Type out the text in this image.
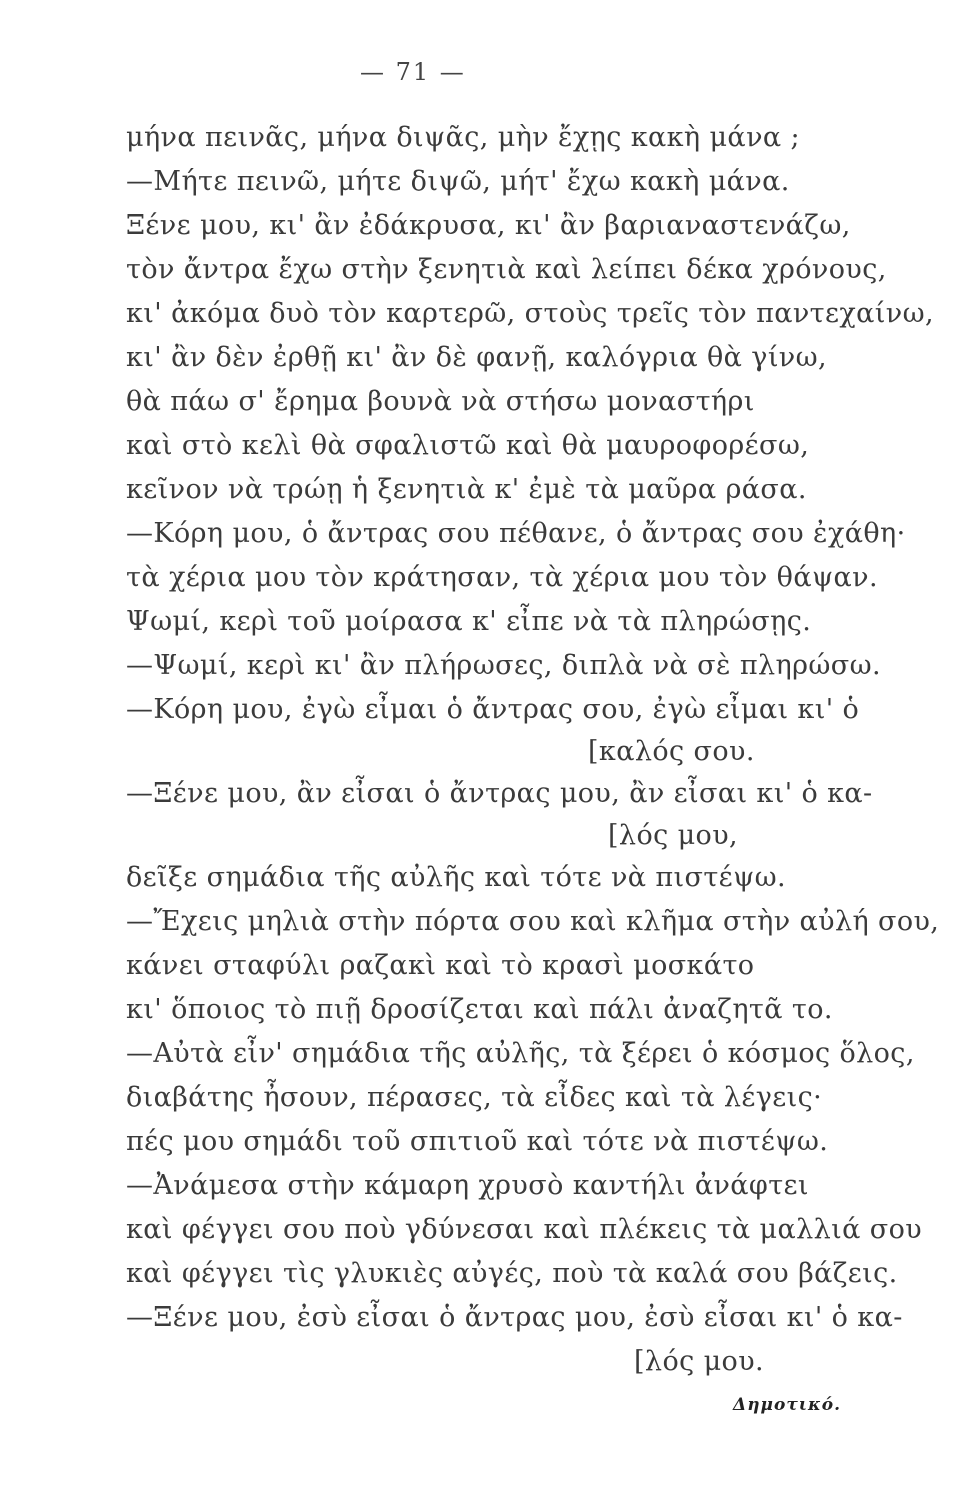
— 71 —
μήνα πεινᾶς, μήνα διψᾶς, μὴν ἔχῃς κακὴ μάνα ;
—Μήτε πεινῶ, μήτε διψῶ, μήτ' ἔχω κακὴ μάνα.
Ξένε μου, κι' ἂν ἐδάκρυσα, κι' ἂν βαριαναστενάζω,
τὸν ἄντρα ἔχω στὴν ξενητιὰ καὶ λείπει δέκα χρόνους,
κι' ἀκόμα δυὸ τὸν καρτερῶ, στοὺς τρεῖς τὸν παντεχαίνω,
κι' ἂν δὲν ἐρθῇ κι' ἂν δὲ φανῇ, καλόγρια θὰ γίνω,
θὰ πάω σ' ἔρημα βουνὰ νὰ στήσω μοναστήρι
καὶ στὸ κελὶ θὰ σφαλιστῶ καὶ θὰ μαυροφορέσω,
κεῖνον νὰ τρώῃ ἡ ξενητιὰ κ' ἐμὲ τὰ μαῦρα ράσα.
—Κόρη μου, ὁ ἄντρας σου πέθανε, ὁ ἄντρας σου ἐχάθη·
τὰ χέρια μου τὸν κράτησαν, τὰ χέρια μου τὸν θάψαν.
Ψωμί, κερὶ τοῦ μοίρασα κ' εἶπε νὰ τὰ πληρώσῃς.
—Ψωμί, κερὶ κι' ἂν πλήρωσες, διπλὰ νὰ σὲ πληρώσω.
—Κόρη μου, ἐγὼ εἶμαι ὁ ἄντρας σου, ἐγὼ εἶμαι κι' ὁ
[καλός σου.
—Ξένε μου, ἂν εἶσαι ὁ ἄντρας μου, ἂν εἶσαι κι' ὁ κα-
[λός μου,
δεῖξε σημάδια τῆς αὐλῆς καὶ τότε νὰ πιστέψω.
—Ἔχεις μηλιὰ στὴν πόρτα σου καὶ κλῆμα στὴν αὐλή σου,
κάνει σταφύλι ραζακὶ καὶ τὸ κρασὶ μοσκάτο
κι' ὅποιος τὸ πιῇ δροσίζεται καὶ πάλι ἀναζητᾶ το.
—Αὐτὰ εἶν' σημάδια τῆς αὐλῆς, τὰ ξέρει ὁ κόσμος ὅλος,
διαβάτης ἦσουν, πέρασες, τὰ εἶδες καὶ τὰ λέγεις·
πές μου σημάδι τοῦ σπιτιοῦ καὶ τότε νὰ πιστέψω.
—Ἀνάμεσα στὴν κάμαρη χρυσὸ καντήλι ἀνάφτει
καὶ φέγγει σου ποὺ γδύνεσαι καὶ πλέκεις τὰ μαλλιά σου
καὶ φέγγει τὶς γλυκιὲς αὐγές, ποὺ τὰ καλά σου βάζεις.
—Ξένε μου, ἐσὺ εἶσαι ὁ ἄντρας μου, ἐσὺ εἶσαι κι' ὁ κα-
[λός μου.
Δημοτικό.
